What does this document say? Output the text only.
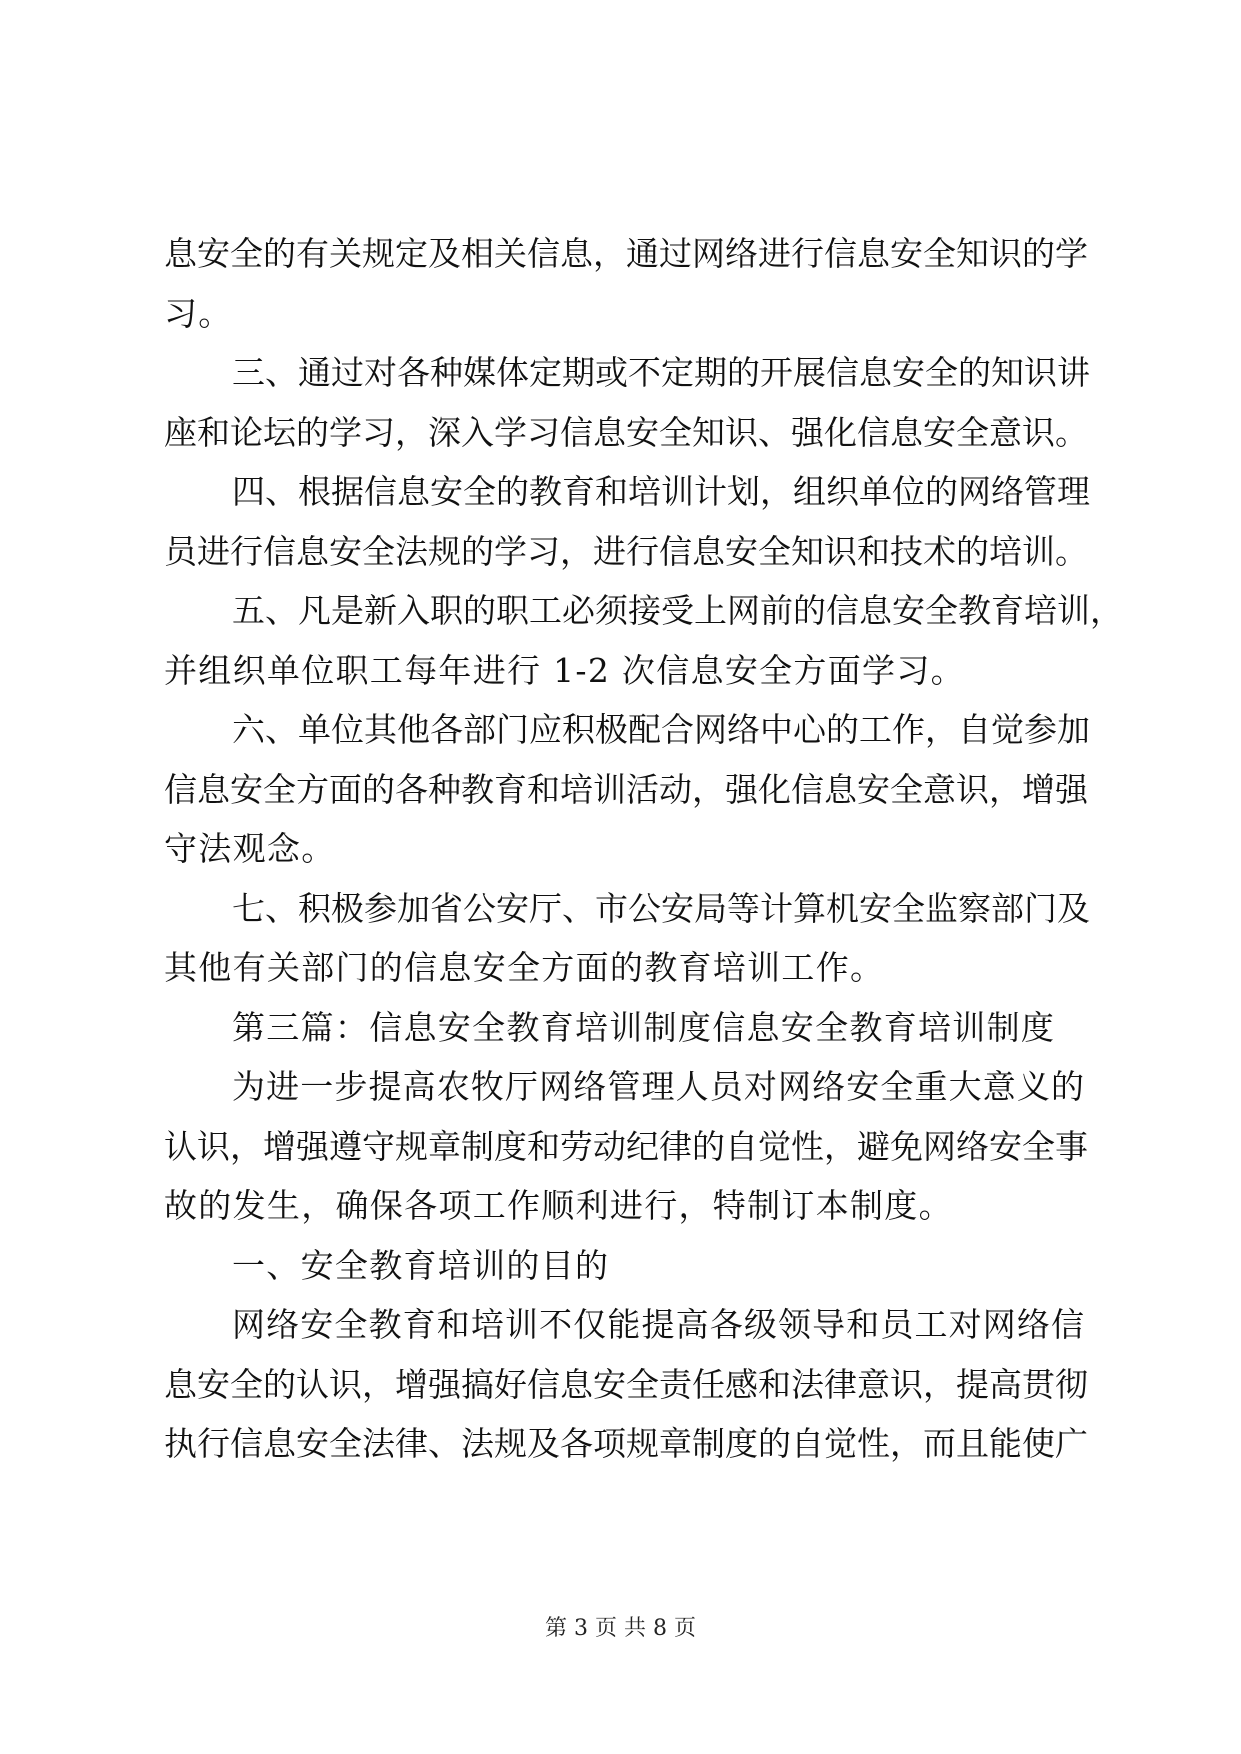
息安全的有关规定及相关信息，通过网络进行信息安全知识的学
习。
三、通过对各种媒体定期或不定期的开展信息安全的知识讲
座和论坛的学习，深入学习信息安全知识、强化信息安全意识。
四、根据信息安全的教育和培训计划，组织单位的网络管理
员进行信息安全法规的学习，进行信息安全知识和技术的培训。
五、凡是新入职的职工必须接受上网前的信息安全教育培训，
并组织单位职工每年进行 1-2 次信息安全方面学习。
六、单位其他各部门应积极配合网络中心的工作，自觉参加
信息安全方面的各种教育和培训活动，强化信息安全意识，增强
守法观念。
七、积极参加省公安厅、市公安局等计算机安全监察部门及
其他有关部门的信息安全方面的教育培训工作。
第三篇：信息安全教育培训制度信息安全教育培训制度
为进一步提高农牧厅网络管理人员对网络安全重大意义的
认识，增强遵守规章制度和劳动纪律的自觉性，避免网络安全事
故的发生，确保各项工作顺利进行，特制订本制度。
一、安全教育培训的目的
网络安全教育和培训不仅能提高各级领导和员工对网络信
息安全的认识，增强搞好信息安全责任感和法律意识，提高贯彻
执行信息安全法律、法规及各项规章制度的自觉性，而且能使广
第 3 页 共 8 页
